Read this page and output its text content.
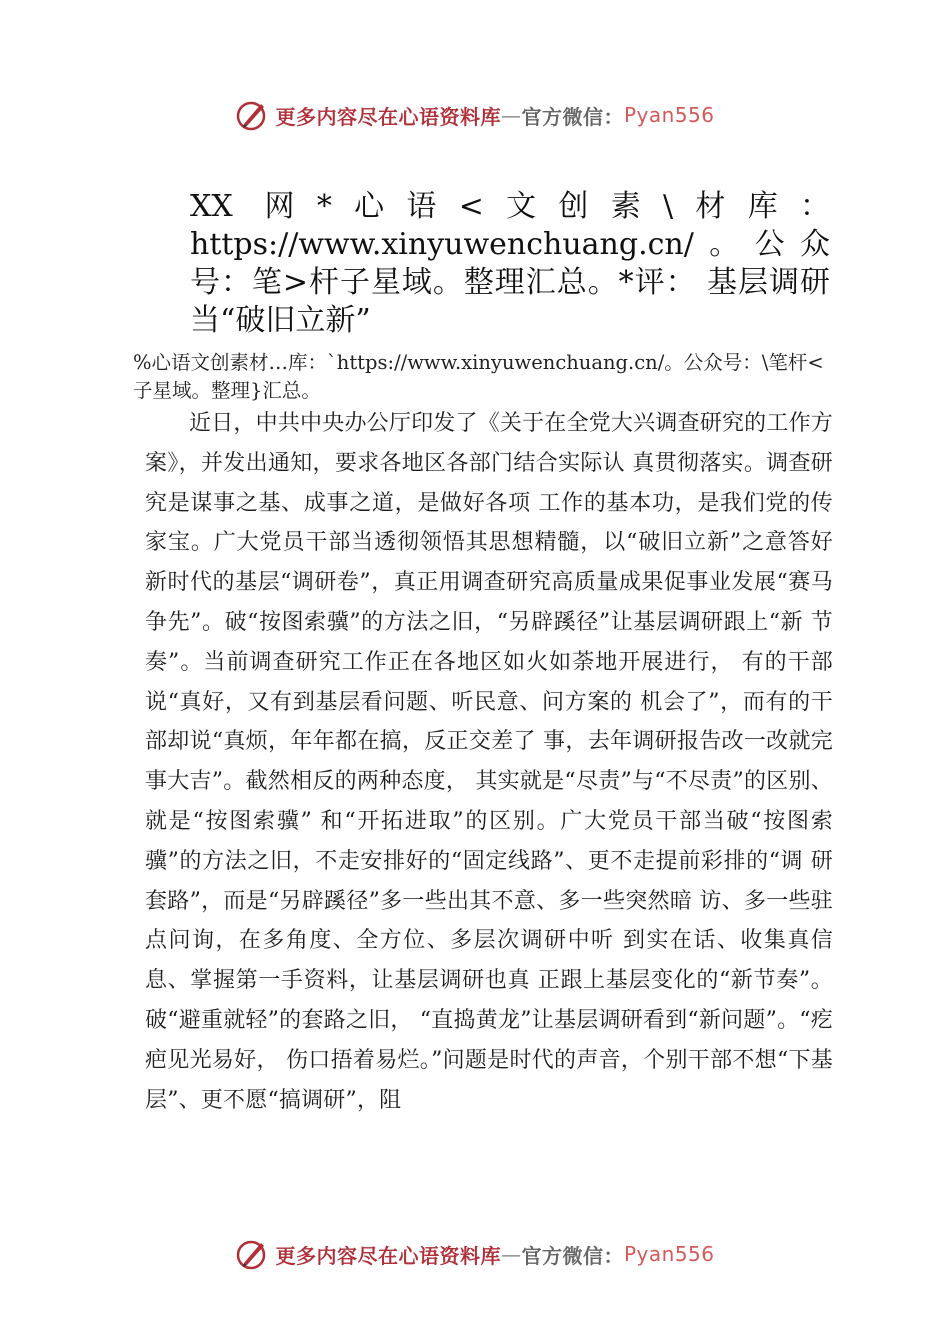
更多内容尽在心语资料库 — 官方微信： Pyan556
XX 网*心语<文创素\材库：https://www.xinyuwenchuang.cn/。公众号：笔>杆子星域。整理汇总。*评： 基层调研当“破旧立新”

%心语文创素材…库：`https://www.xinyuwenchuang.cn/。公众号：\笔杆<子星域。整理}汇总。

近日，中共中央办公厅印发了《关于在全党大兴调查研究的工作方案》，并发出通知，要求各地区各部门结合实际认 真贯彻落实。调查研究是谋事之基、成事之道，是做好各项 工作的基本功，是我们党的传家宝。广大党员干部当透彻领悟其思想精髓，以“破旧立新”之意答好新时代的基层“调研卷”，真正用调查研究高质量成果促事业发展“赛马争先”。破“按图索骥”的方法之旧，“另辟蹊径”让基层调研跟上“新 节奏”。当前调查研究工作正在各地区如火如荼地开展进行， 有的干部说“真好，又有到基层看问题、听民意、问方案的 机会了”，而有的干部却说“真烦，年年都在搞，反正交差了 事，去年调研报告改一改就完事大吉”。截然相反的两种态度， 其实就是“尽责”与“不尽责”的区别、就是“按图索骥” 和“开拓进取”的区别。广大党员干部当破“按图索骥”的方法之旧，不走安排好的“固定线路”、更不走提前彩排的“调 研套路”，而是“另辟蹊径”多一些出其不意、多一些突然暗 访、多一些驻点问询，在多角度、全方位、多层次调研中听 到实在话、收集真信息、掌握第一手资料，让基层调研也真 正跟上基层变化的“新节奏”。破“避重就轻”的套路之旧， “直捣黄龙”让基层调研看到“新问题”。“疙疤见光易好， 伤口捂着易烂。”问题是时代的声音，个别干部不想“下基层”、更不愿“搞调研”，阻

更多内容尽在心语资料库 — 官方微信： Pyan556
